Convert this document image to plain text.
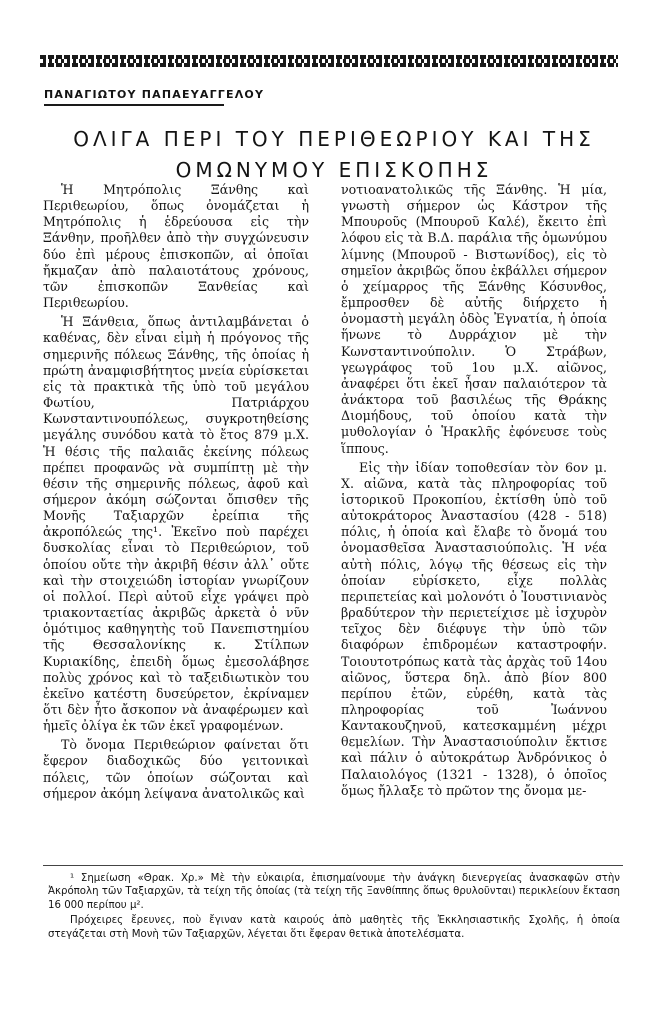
ΠΑΝΑΓΙΩΤΟΥ ΠΑΠΑΕΥΑΓΓΕΛΟΥ
ΟΛΙΓΑ ΠΕΡΙ ΤΟΥ ΠΕΡΙΘΕΩΡΙΟΥ ΚΑΙ ΤΗΣ
ΟΜΩΝΥΜΟΥ ΕΠΙΣΚΟΠΗΣ

Ἡ Μητρόπολις Ξάνθης καὶ Περιθεωρίου, ὅπως ὀνομάζεται ἡ Μητρόπολις ἡ ἑδρεύουσα εἰς τὴν Ξάνθην, προῆλθεν ἀπὸ τὴν συγχώνευσιν δύο ἐπὶ μέρους ἐπισκοπῶν, αἱ ὁποῖαι ἤκμαζαν ἀπὸ παλαιοτάτους χρόνους, τῶν ἐπισκοπῶν Ξανθείας καὶ Περιθεωρίου.

Ἡ Ξάνθεια, ὅπως ἀντιλαμβάνεται ὁ καθένας, δὲν εἶναι εἰμὴ ἡ πρόγονος τῆς σημερινῆς πόλεως Ξάνθης, τῆς ὁποίας ἡ πρώτη ἀναμφισβήτητος μνεία εὑρίσκεται εἰς τὰ πρακτικὰ τῆς ὑπὸ τοῦ μεγάλου Φωτίου, Πατριάρχου Κωνσταντινουπόλεως, συγκροτηθείσης μεγάλης συνόδου κατὰ τὸ ἔτος 879 μ.Χ. Ἡ θέσις τῆς παλαιᾶς ἐκείνης πόλεως πρέπει προφανῶς νὰ συμπίπτῃ μὲ τὴν θέσιν τῆς σημερινῆς πόλεως, ἀφοῦ καὶ σήμερον ἀκόμη σώζονται ὄπισθεν τῆς Μονῆς Ταξιαρχῶν ἐρείπια τῆς ἀκροπόλεώς της¹. Ἐκεῖνο ποὺ παρέχει δυσκολίας εἶναι τὸ Περιθεώριον, τοῦ ὁποίου οὔτε τὴν ἀκριβῆ θέσιν ἀλλ᾽ οὔτε καὶ τὴν στοιχειώδη ἱστορίαν γνωρίζουν οἱ πολλοί. Περὶ αὐτοῦ εἶχε γράψει πρὸ τριακονταετίας ἀκριβῶς ἀρκετὰ ὁ νῦν ὁμότιμος καθηγητὴς τοῦ Πανεπιστημίου τῆς Θεσσαλονίκης κ. Στίλπων Κυριακίδης, ἐπειδὴ ὅμως ἐμεσολάβησε πολὺς χρόνος καὶ τὸ ταξειδιωτικὸν του ἐκεῖνο κατέστη δυσεύρετον, ἐκρίναμεν ὅτι δὲν ἦτο ἄσκοπον νὰ ἀναφέρωμεν καὶ ἡμεῖς ὀλίγα ἐκ τῶν ἐκεῖ γραφομένων.

Τὸ ὄνομα Περιθεώριον φαίνεται ὅτι ἔφερον διαδοχικῶς δύο γειτονικαὶ πόλεις, τῶν ὁποίων σώζονται καὶ σήμερον ἀκόμη λείψανα ἀνατολικῶς καὶ

νοτιοανατολικῶς τῆς Ξάνθης. Ἡ μία, γνωστὴ σήμερον ὡς Κάστρον τῆς Μπουροῦς (Μπουροῦ Καλέ), ἔκειτο ἐπὶ λόφου εἰς τὰ Β.Δ. παράλια τῆς ὁμωνύμου λίμνης (Μπουροῦ - Βιστωνίδος), εἰς τὸ σημεῖον ἀκριβῶς ὅπου ἐκβάλλει σήμερον ὁ χείμαρρος τῆς Ξάνθης Κόσυνθος, ἔμπροσθεν δὲ αὐτῆς διήρχετο ἡ ὀνομαστὴ μεγάλη ὁδὸς Ἐγνατία, ἡ ὁποία ἥνωνε τὸ Δυρράχιον μὲ τὴν Κωνσταντινούπολιν. Ὁ Στράβων, γεωγράφος τοῦ 1ου μ.Χ. αἰῶνος, ἀναφέρει ὅτι ἐκεῖ ἦσαν παλαιότερον τὰ ἀνάκτορα τοῦ βασιλέως τῆς Θράκης Διομήδους, τοῦ ὁποίου κατὰ τὴν μυθολογίαν ὁ Ἡρακλῆς ἐφόνευσε τοὺς ἵππους.

Εἰς τὴν ἰδίαν τοποθεσίαν τὸν 6ον μ. Χ. αἰῶνα, κατὰ τὰς πληροφορίας τοῦ ἱστορικοῦ Προκοπίου, ἐκτίσθη ὑπὸ τοῦ αὐτοκράτορος Ἀναστασίου (428 - 518) πόλις, ἡ ὁποία καὶ ἔλαβε τὸ ὄνομά του ὀνομασθεῖσα Ἀναστασιούπολις. Ἡ νέα αὐτὴ πόλις, λόγῳ τῆς θέσεως εἰς τὴν ὁποίαν εὑρίσκετο, εἶχε πολλὰς περιπετείας καὶ μολονότι ὁ Ἰουστινιανὸς βραδύτερον τὴν περιετείχισε μὲ ἰσχυρὸν τεῖχος δὲν διέφυγε τὴν ὑπὸ τῶν διαφόρων ἐπιδρομέων καταστροφήν. Τοιουτοτρόπως κατὰ τὰς ἀρχὰς τοῦ 14ου αἰῶνος, ὕστερα δηλ. ἀπὸ βίον 800 περίπου ἐτῶν, εὑρέθη, κατὰ τὰς πληροφορίας τοῦ Ἰωάννου Καντακουζηνοῦ, κατεσκαμμένη μέχρι θεμελίων. Τὴν Ἀναστασιούπολιν ἔκτισε καὶ πάλιν ὁ αὐτοκράτωρ Ἀνδρόνικος ὁ Παλαιολόγος (1321 - 1328), ὁ ὁποῖος ὅμως ἤλλαξε τὸ πρῶτον της ὄνομα με-

¹ Σημείωση «Θρακ. Χρ.» Μὲ τὴν εὐκαιρία, ἐπισημαίνουμε τὴν ἀνάγκη διενεργείας ἀνασκαφῶν στὴν Ἀκρόπολη τῶν Ταξιαρχῶν, τὰ τείχη τῆς ὁποίας (τὰ τείχη τῆς Ξανθίππης ὅπως θρυλοῦνται) περικλείουν ἔκταση 16 000 περίπου μ².

Πρόχειρες ἔρευνες, ποὺ ἔγιναν κατὰ καιρούς ἀπὸ μαθητὲς τῆς Ἐκκλησιαστικῆς Σχολῆς, ἡ ὁποία στεγάζεται στὴ Μονὴ τῶν Ταξιαρχῶν, λέγεται ὅτι ἔφεραν θετικὰ ἀποτελέσματα.
